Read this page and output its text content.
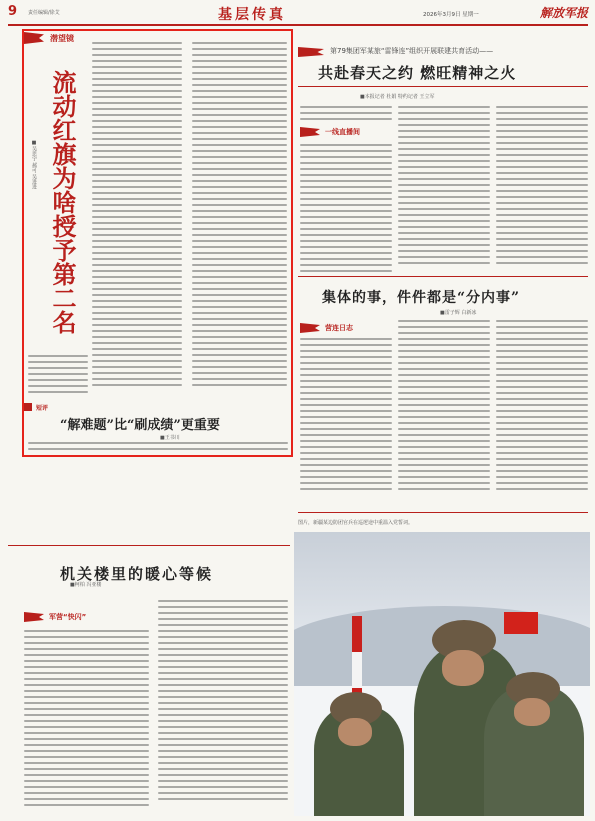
9 责任编辑/徐艾	基层传真	2026年3月9日 星期一	解放军报
潜望镜
流动红旗为啥授予第二名
■吴思宇 郝可 吴进进
短评
“解难题”比“刷成绩”更重要
■王书川
第79集团军某旅“雷锋连”组织开展联建共育活动——
共赴春天之约 燃旺精神之火
■本报记者 杜娟 特约记者 王立军
一线直播间
集体的事，件件都是“分内事”
■雷子辉 白新冰
营连日志
图片，新疆某边防团官兵在巡逻途中重温入党誓词。
机关楼里的暖心等候
■柯柏 冯亚楼
军营“快闪”
